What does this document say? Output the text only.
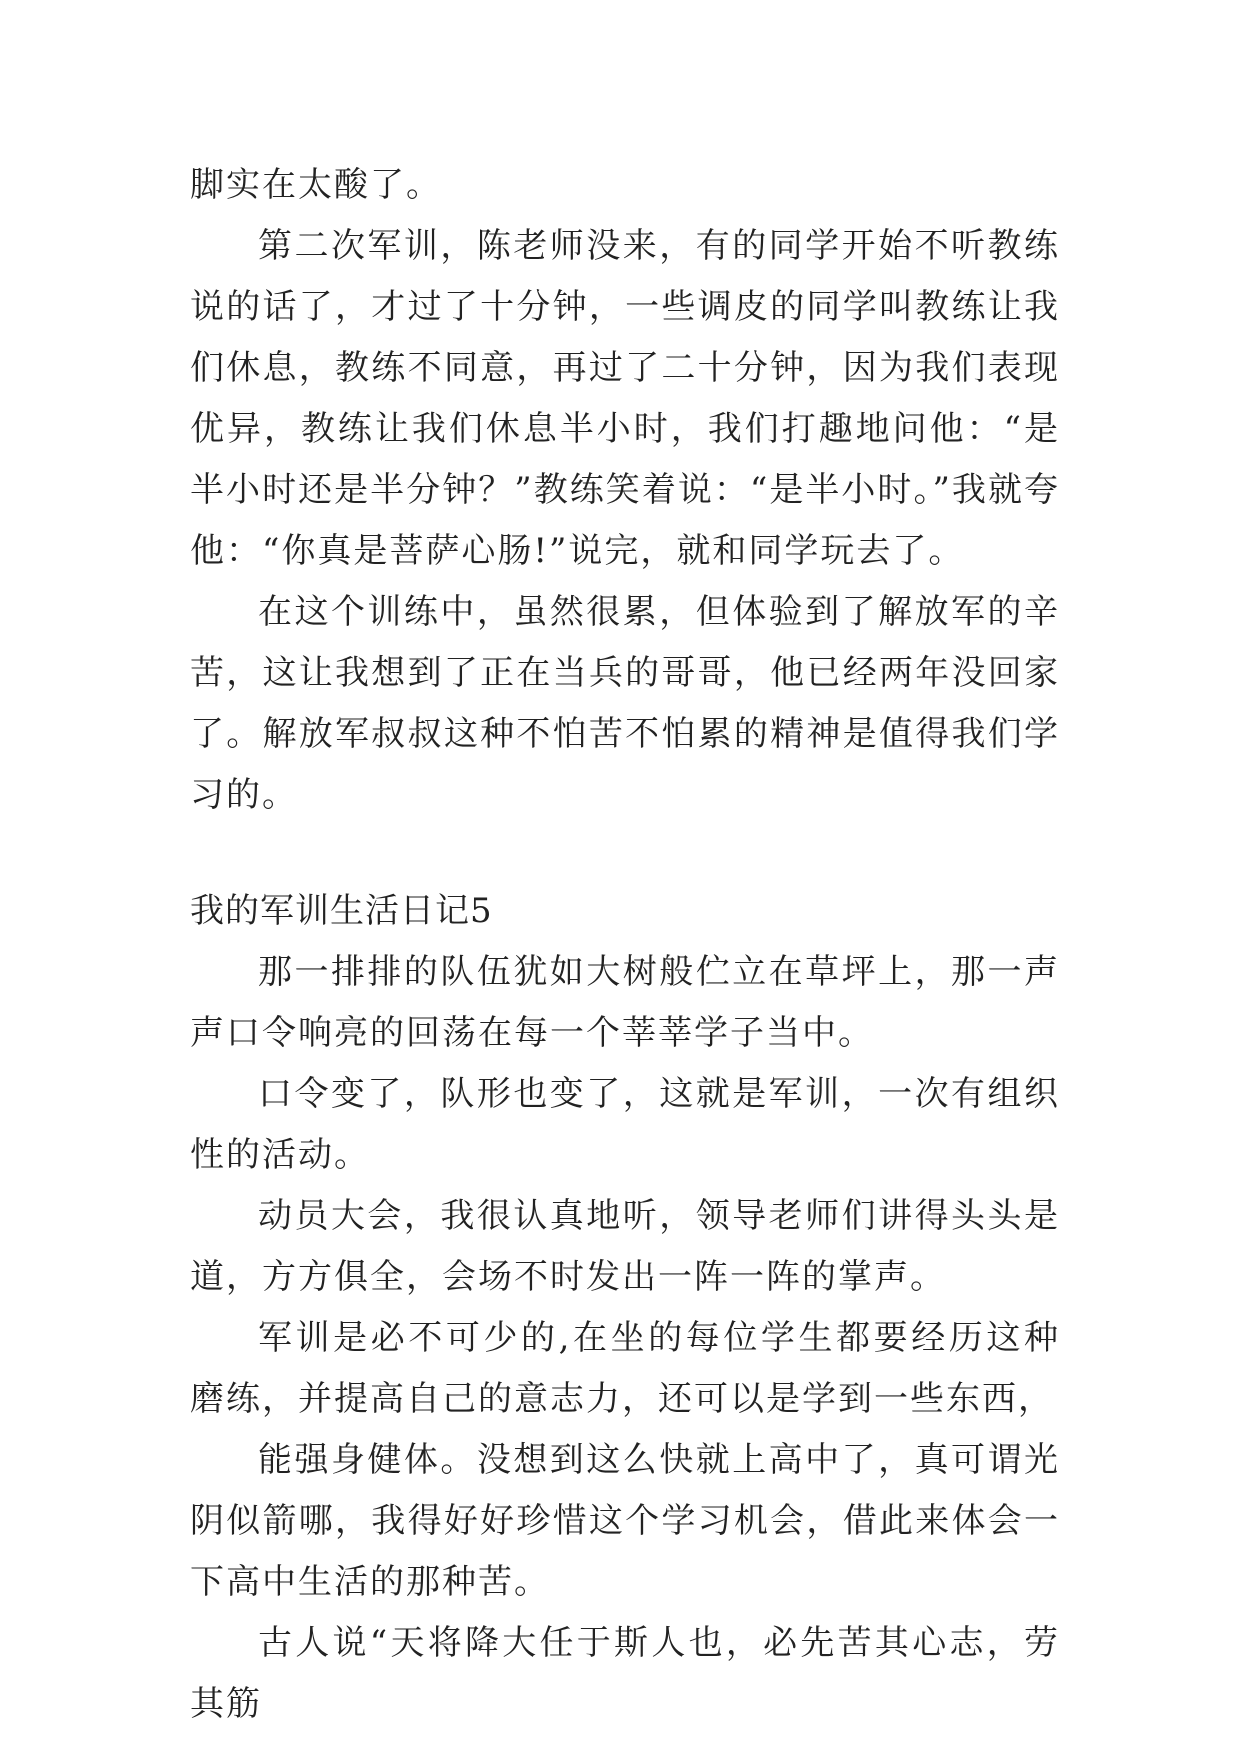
脚实在太酸了。

第二次军训，陈老师没来，有的同学开始不听教练说的话了，才过了十分钟，一些调皮的同学叫教练让我们休息，教练不同意，再过了二十分钟，因为我们表现优异，教练让我们休息半小时，我们打趣地问他：“是半小时还是半分钟？”教练笑着说：“是半小时。”我就夸他：“你真是菩萨心肠!”说完，就和同学玩去了。

在这个训练中，虽然很累，但体验到了解放军的辛苦，这让我想到了正在当兵的哥哥，他已经两年没回家了。解放军叔叔这种不怕苦不怕累的精神是值得我们学习的。

我的军训生活日记5

那一排排的队伍犹如大树般伫立在草坪上，那一声声口令响亮的回荡在每一个莘莘学子当中。

口令变了，队形也变了，这就是军训，一次有组织性的活动。

动员大会，我很认真地听，领导老师们讲得头头是道，方方俱全，会场不时发出一阵一阵的掌声。

军训是必不可少的,在坐的每位学生都要经历这种磨练，并提高自己的意志力，还可以是学到一些东西，

能强身健体。没想到这么快就上高中了，真可谓光阴似箭哪，我得好好珍惜这个学习机会，借此来体会一下高中生活的那种苦。

古人说“天将降大任于斯人也，必先苦其心志，劳其筋
